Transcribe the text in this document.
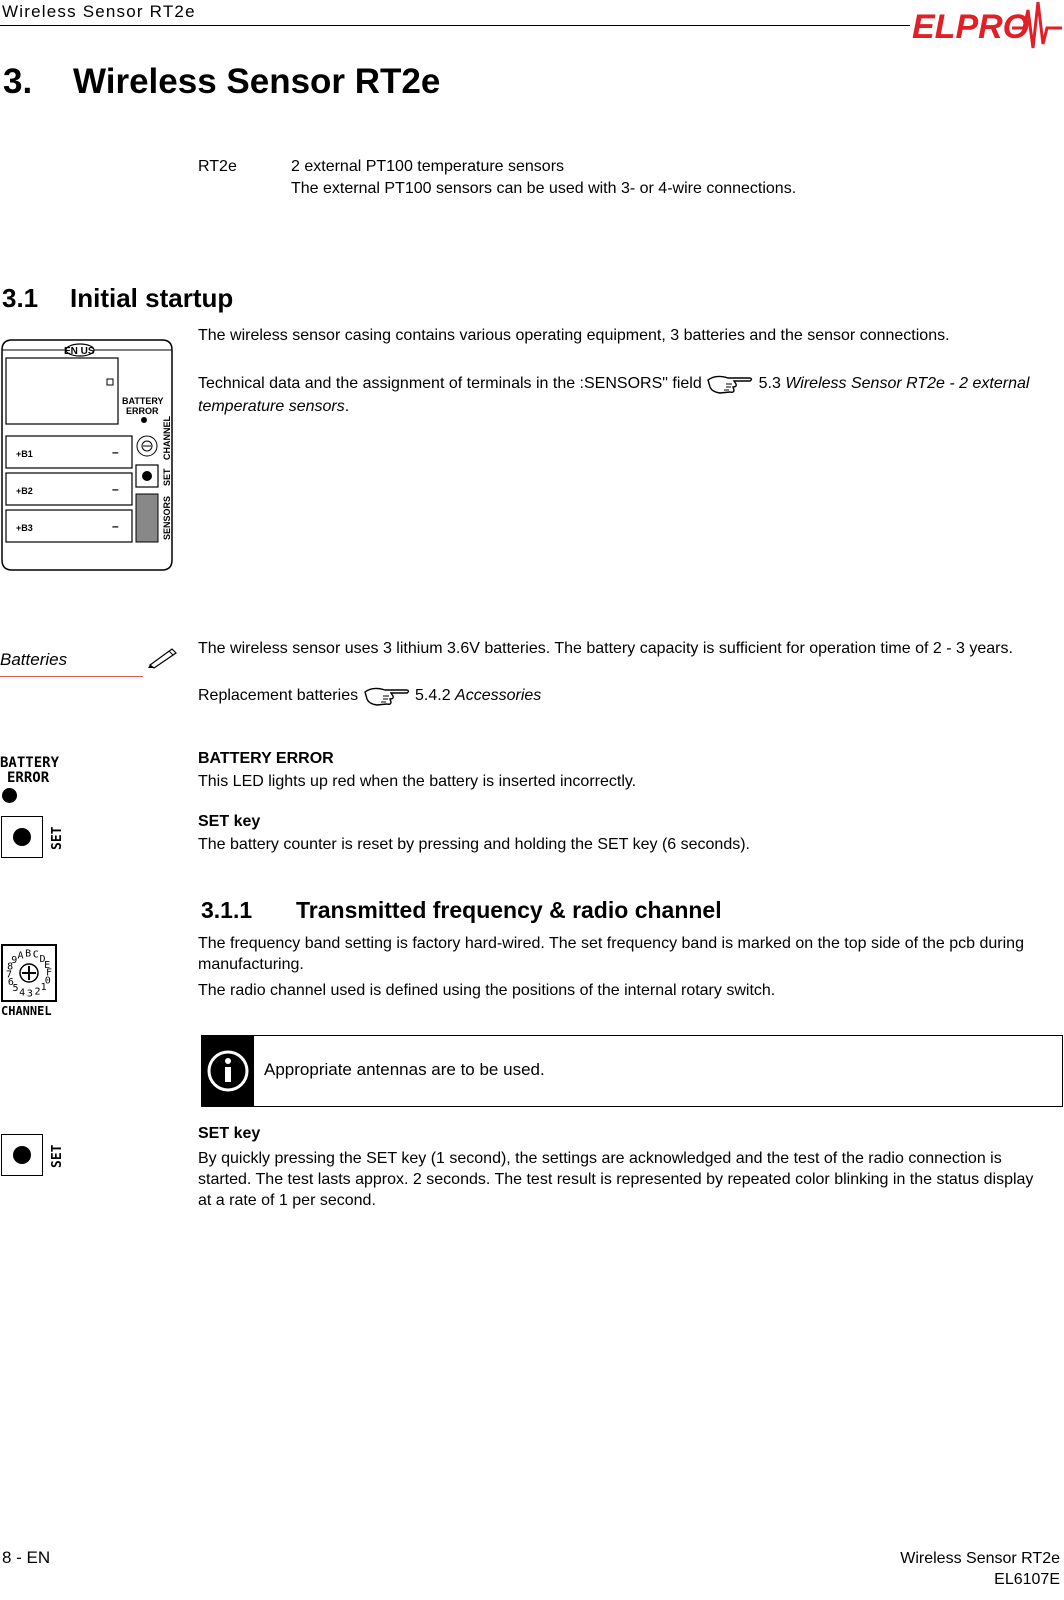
Wireless Sensor RT2e	ELPRO
3. Wireless Sensor RT2e
RT2e	2 external PT100 temperature sensors
The external PT100 sensors can be used with 3- or 4-wire connections.
3.1 Initial startup
The wireless sensor casing contains various operating equipment, 3 batteries and the sensor connections.
Technical data and the assignment of terminals in the :SENSORS" field	5.3 Wireless Sensor RT2e - 2 external temperature sensors.
EN US
BATTERY
ERROR
+B1
+B2
+B3
–
–
–
CHANNEL
SET
SENSORS
Batteries
The wireless sensor uses 3 lithium 3.6V batteries. The battery capacity is sufficient for operation time of 2 - 3 years.
Replacement batteries	5.4.2 Accessories
BATTERY
ERROR
BATTERY ERROR
This LED lights up red when the battery is inserted incorrectly.
SET
SET key
The battery counter is reset by pressing and holding the SET key (6 seconds).
3.1.1 Transmitted frequency & radio channel
The frequency band setting is factory hard-wired. The set frequency band is marked on the top side of the pcb during manufacturing.
The radio channel used is defined using the positions of the internal rotary switch.
8
9 A B C D
E
F
0
1
2
3
4
5
6
7
CHANNEL
Appropriate antennas are to be used.
SET
SET key
By quickly pressing the SET key (1 second), the settings are acknowledged and the test of the radio connection is started. The test lasts approx. 2 seconds. The test result is represented by repeated color blinking in the status display at a rate of 1 per second.
8 - EN	Wireless Sensor RT2e
EL6107E
